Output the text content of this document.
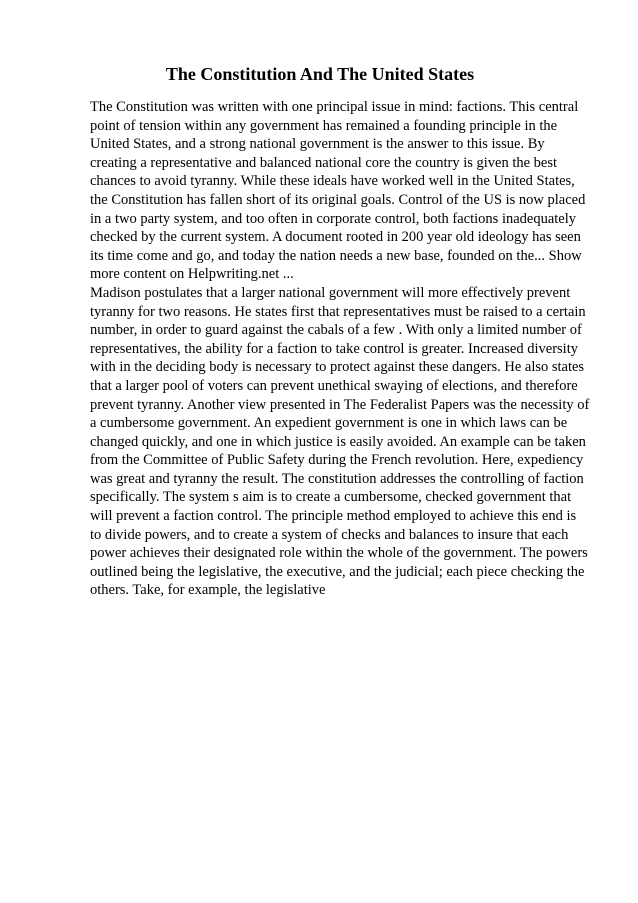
The Constitution And The United States

The Constitution was written with one principal issue in mind: factions. This central point of tension within any government has remained a founding principle in the United States, and a strong national government is the answer to this issue. By creating a representative and balanced national core the country is given the best chances to avoid tyranny. While these ideals have worked well in the United States, the Constitution has fallen short of its original goals. Control of the US is now placed in a two party system, and too often in corporate control, both factions inadequately checked by the current system. A document rooted in 200 year old ideology has seen its time come and go, and today the nation needs a new base, founded on the... Show more content on Helpwriting.net ...

Madison postulates that a larger national government will more effectively prevent tyranny for two reasons. He states first that representatives must be raised to a certain number, in order to guard against the cabals of a few . With only a limited number of representatives, the ability for a faction to take control is greater. Increased diversity with in the deciding body is necessary to protect against these dangers. He also states that a larger pool of voters can prevent unethical swaying of elections, and therefore prevent tyranny. Another view presented in The Federalist Papers was the necessity of a cumbersome government. An expedient government is one in which laws can be changed quickly, and one in which justice is easily avoided. An example can be taken from the Committee of Public Safety during the French revolution. Here, expediency was great and tyranny the result. The constitution addresses the controlling of faction specifically. The system s aim is to create a cumbersome, checked government that will prevent a faction control. The principle method employed to achieve this end is to divide powers, and to create a system of checks and balances to insure that each power achieves their designated role within the whole of the government. The powers outlined being the legislative, the executive, and the judicial; each piece checking the others. Take, for example, the legislative
